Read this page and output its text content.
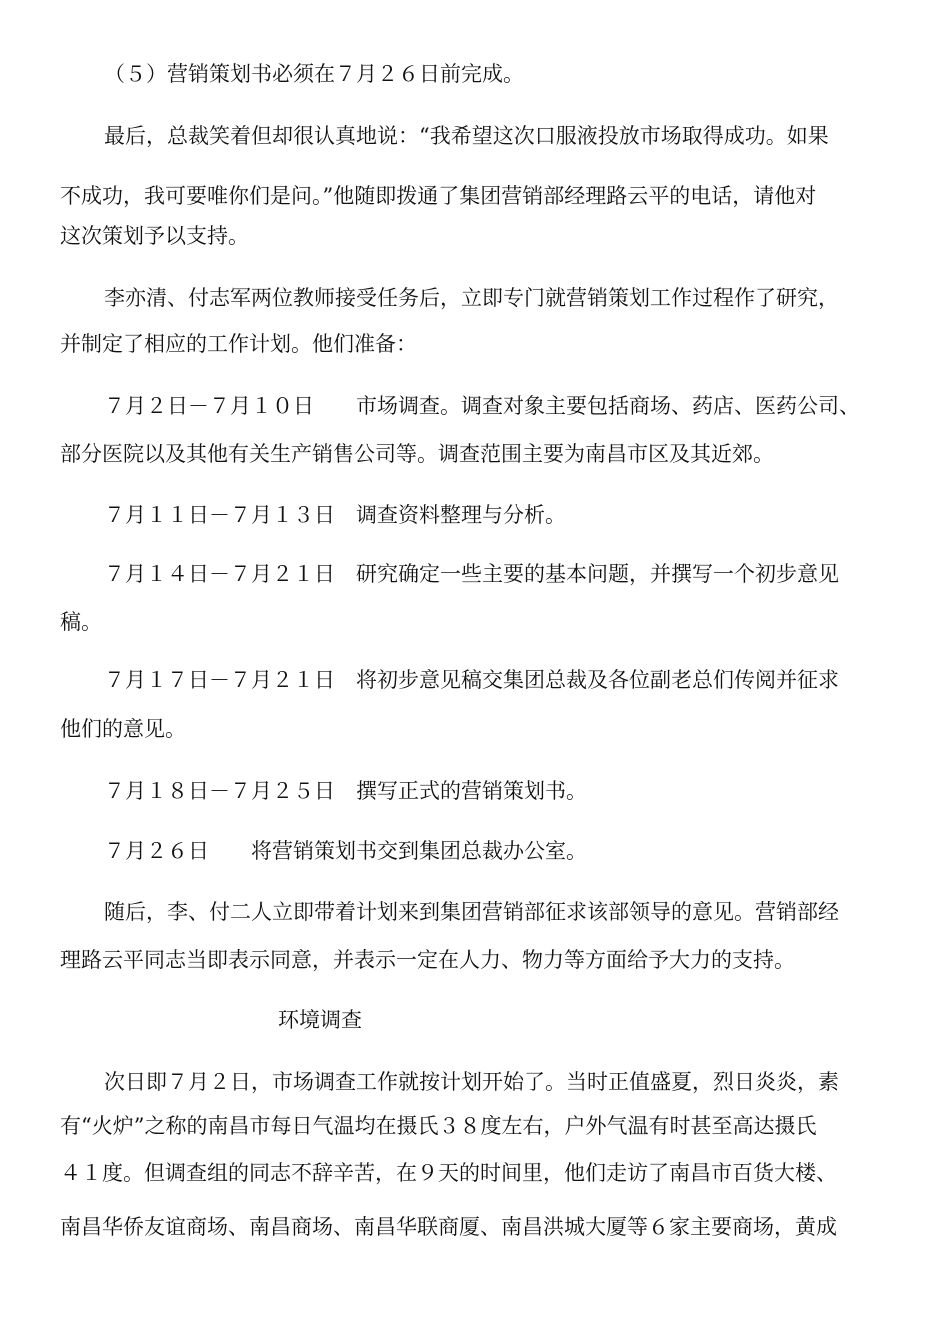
（５）营销策划书必须在７月２６日前完成。
最后，总裁笑着但却很认真地说：“我希望这次口服液投放市场取得成功。如果
不成功，我可要唯你们是问。”他随即拨通了集团营销部经理路云平的电话，请他对
这次策划予以支持。
李亦清、付志军两位教师接受任务后，立即专门就营销策划工作过程作了研究，
并制定了相应的工作计划。他们准备：
７月２日－７月１０日　　市场调查。调查对象主要包括商场、药店、医药公司、
部分医院以及其他有关生产销售公司等。调查范围主要为南昌市区及其近郊。
７月１１日－７月１３日　调查资料整理与分析。
７月１４日－７月２１日　研究确定一些主要的基本问题，并撰写一个初步意见
稿。
７月１７日－７月２１日　将初步意见稿交集团总裁及各位副老总们传阅并征求
他们的意见。
７月１８日－７月２５日　撰写正式的营销策划书。
７月２６日　　将营销策划书交到集团总裁办公室。
随后，李、付二人立即带着计划来到集团营销部征求该部领导的意见。营销部经
理路云平同志当即表示同意，并表示一定在人力、物力等方面给予大力的支持。
环境调查
次日即７月２日，市场调查工作就按计划开始了。当时正值盛夏，烈日炎炎，素
有“火炉”之称的南昌市每日气温均在摄氏３８度左右，户外气温有时甚至高达摄氏
４１度。但调查组的同志不辞辛苦，在９天的时间里，他们走访了南昌市百货大楼、
南昌华侨友谊商场、南昌商场、南昌华联商厦、南昌洪城大厦等６家主要商场，黄成
